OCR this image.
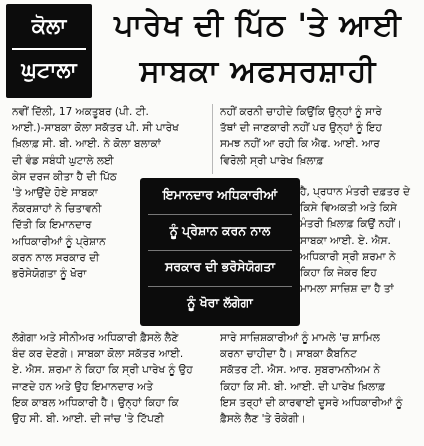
ਕੋਲਾ
ਘੁਟਾਲਾ
ਪਾਰੇਖ ਦੀ ਪਿੱਠ 'ਤੇ ਆਈ
ਸਾਬਕਾ ਅਫਸਰਸ਼ਾਹੀ

ਨਵੀਂ ਦਿੱਲੀ, 17 ਅਕਤੂਬਰ (ਪੀ. ਟੀ.

ਆਈ.)-ਸਾਬਕਾ ਕੋਲਾ ਸਕੱਤਰ ਪੀ. ਸੀ ਪਾਰੇਖ

ਖ਼ਿਲਾਫ਼ ਸੀ. ਬੀ. ਆਈ. ਨੇ ਕੋਲਾ ਬਲਾਕਾਂ

ਦੀ ਵੰਡ ਸਬੰਧੀ ਘੁਟਾਲੇ ਲਈ

ਕੇਸ ਦਰਜ ਕੀਤਾ ਹੈ ਦੀ ਪਿੱਠ

'ਤੇ ਆਉਂਦੇ ਹੋਏ ਸਾਬਕਾ

ਨੌਕਰਸ਼ਾਹਾਂ ਨੇ ਚਿਤਾਵਨੀ

ਦਿੱਤੀ ਕਿ ਇਮਾਨਦਾਰ

ਅਧਿਕਾਰੀਆਂ ਨੂੰ ਪ੍ਰੇਸ਼ਾਨ

ਕਰਨ ਨਾਲ ਸਰਕਾਰ ਦੀ

ਭਰੋਸੇਯੋਗਤਾ ਨੂੰ ਖੋਰਾ

ਨਹੀਂ ਕਰਨੀ ਚਾਹੀਦੇ ਕਿਉਂਕਿ ਉਨ੍ਹਾਂ ਨੂੰ ਸਾਰੇ

ਤੱਥਾਂ ਦੀ ਜਾਣਕਾਰੀ ਨਹੀਂ ਪਰ ਉਨ੍ਹਾਂ ਨੂੰ ਇਹ

ਸਮਝ ਨਹੀਂ ਆ ਰਹੀ ਕਿ ਐਫ. ਆਈ. ਆਰ

ਵਿਰੋਲੀ ਸ੍ਰੀ ਪਾਰੇਖ ਖ਼ਿਲਾਫ਼

ਹੈ, ਪ੍ਰਧਾਨ ਮੰਤਰੀ ਦਫ਼ਤਰ ਦੇ

ਕਿਸੇ ਵਿਅਕਤੀ ਅਤੇ ਕਿਸੇ

ਮੰਤਰੀ ਖ਼ਿਲਾਫ਼ ਕਿਉਂ ਨਹੀਂ।

ਸਾਬਕਾ ਆਈ. ਏ. ਐਸ.

ਅਧਿਕਾਰੀ ਸ੍ਰੀ ਸ਼ਰਮਾ ਨੇ

ਕਿਹਾ ਕਿ ਜੇਕਰ ਇਹ

ਮਾਮਲਾ ਸਾਜ਼ਿਸ਼ ਦਾ ਹੈ ਤਾਂ

ਇਮਾਨਦਾਰ ਅਧਿਕਾਰੀਆਂ

ਨੂੰ ਪ੍ਰੇਸ਼ਾਨ ਕਰਨ ਨਾਲ

ਸਰਕਾਰ ਦੀ ਭਰੋਸੇਯੋਗਤਾ

ਨੂੰ ਖੋਰਾ ਲੱਗੇਗਾ

ਲੱਗੇਗਾ ਅਤੇ ਸੀਨੀਅਰ ਅਧਿਕਾਰੀ ਫ਼ੈਸਲੇ ਲੈਣੇ

ਬੰਦ ਕਰ ਦੇਣਗੇ। ਸਾਬਕਾ ਕੋਲਾ ਸਕੱਤਰ ਆਈ.

ਏ. ਐਸ. ਸ਼ਰਮਾ ਨੇ ਕਿਹਾ ਕਿ ਸ੍ਰੀ ਪਾਰੇਖ ਨੂੰ ਉਹ

ਜਾਣਦੇ ਹਨ ਅਤੇ ਉਹ ਇਮਾਨਦਾਰ ਅਤੇ

ਇਕ ਕਾਬਲ ਅਧਿਕਾਰੀ ਹੈ। ਉਨ੍ਹਾਂ ਕਿਹਾ ਕਿ

ਉਹ ਸੀ. ਬੀ. ਆਈ. ਦੀ ਜਾਂਚ 'ਤੇ ਟਿੱਪਣੀ

ਸਾਰੇ ਸਾਜ਼ਿਸ਼ਕਾਰੀਆਂ ਨੂੰ ਮਾਮਲੇ 'ਚ ਸ਼ਾਮਿਲ

ਕਰਨਾ ਚਾਹੀਦਾ ਹੈ। ਸਾਬਕਾ ਕੈਬਨਿਟ

ਸਕੱਤਰ ਟੀ. ਐਸ. ਆਰ. ਸੁਬਰਾਮਨੀਅਮ ਨੇ

ਕਿਹਾ ਕਿ ਸੀ. ਬੀ. ਆਈ. ਦੀ ਪਾਰੇਖ ਖ਼ਿਲਾਫ਼

ਇਸ ਤਰ੍ਹਾਂ ਦੀ ਕਾਰਵਾਈ ਦੂਸਰੇ ਅਧਿਕਾਰੀਆਂ ਨੂੰ

ਫ਼ੈਸਲੇ ਲੈਣ 'ਤੇ ਰੋਕੇਗੀ।
